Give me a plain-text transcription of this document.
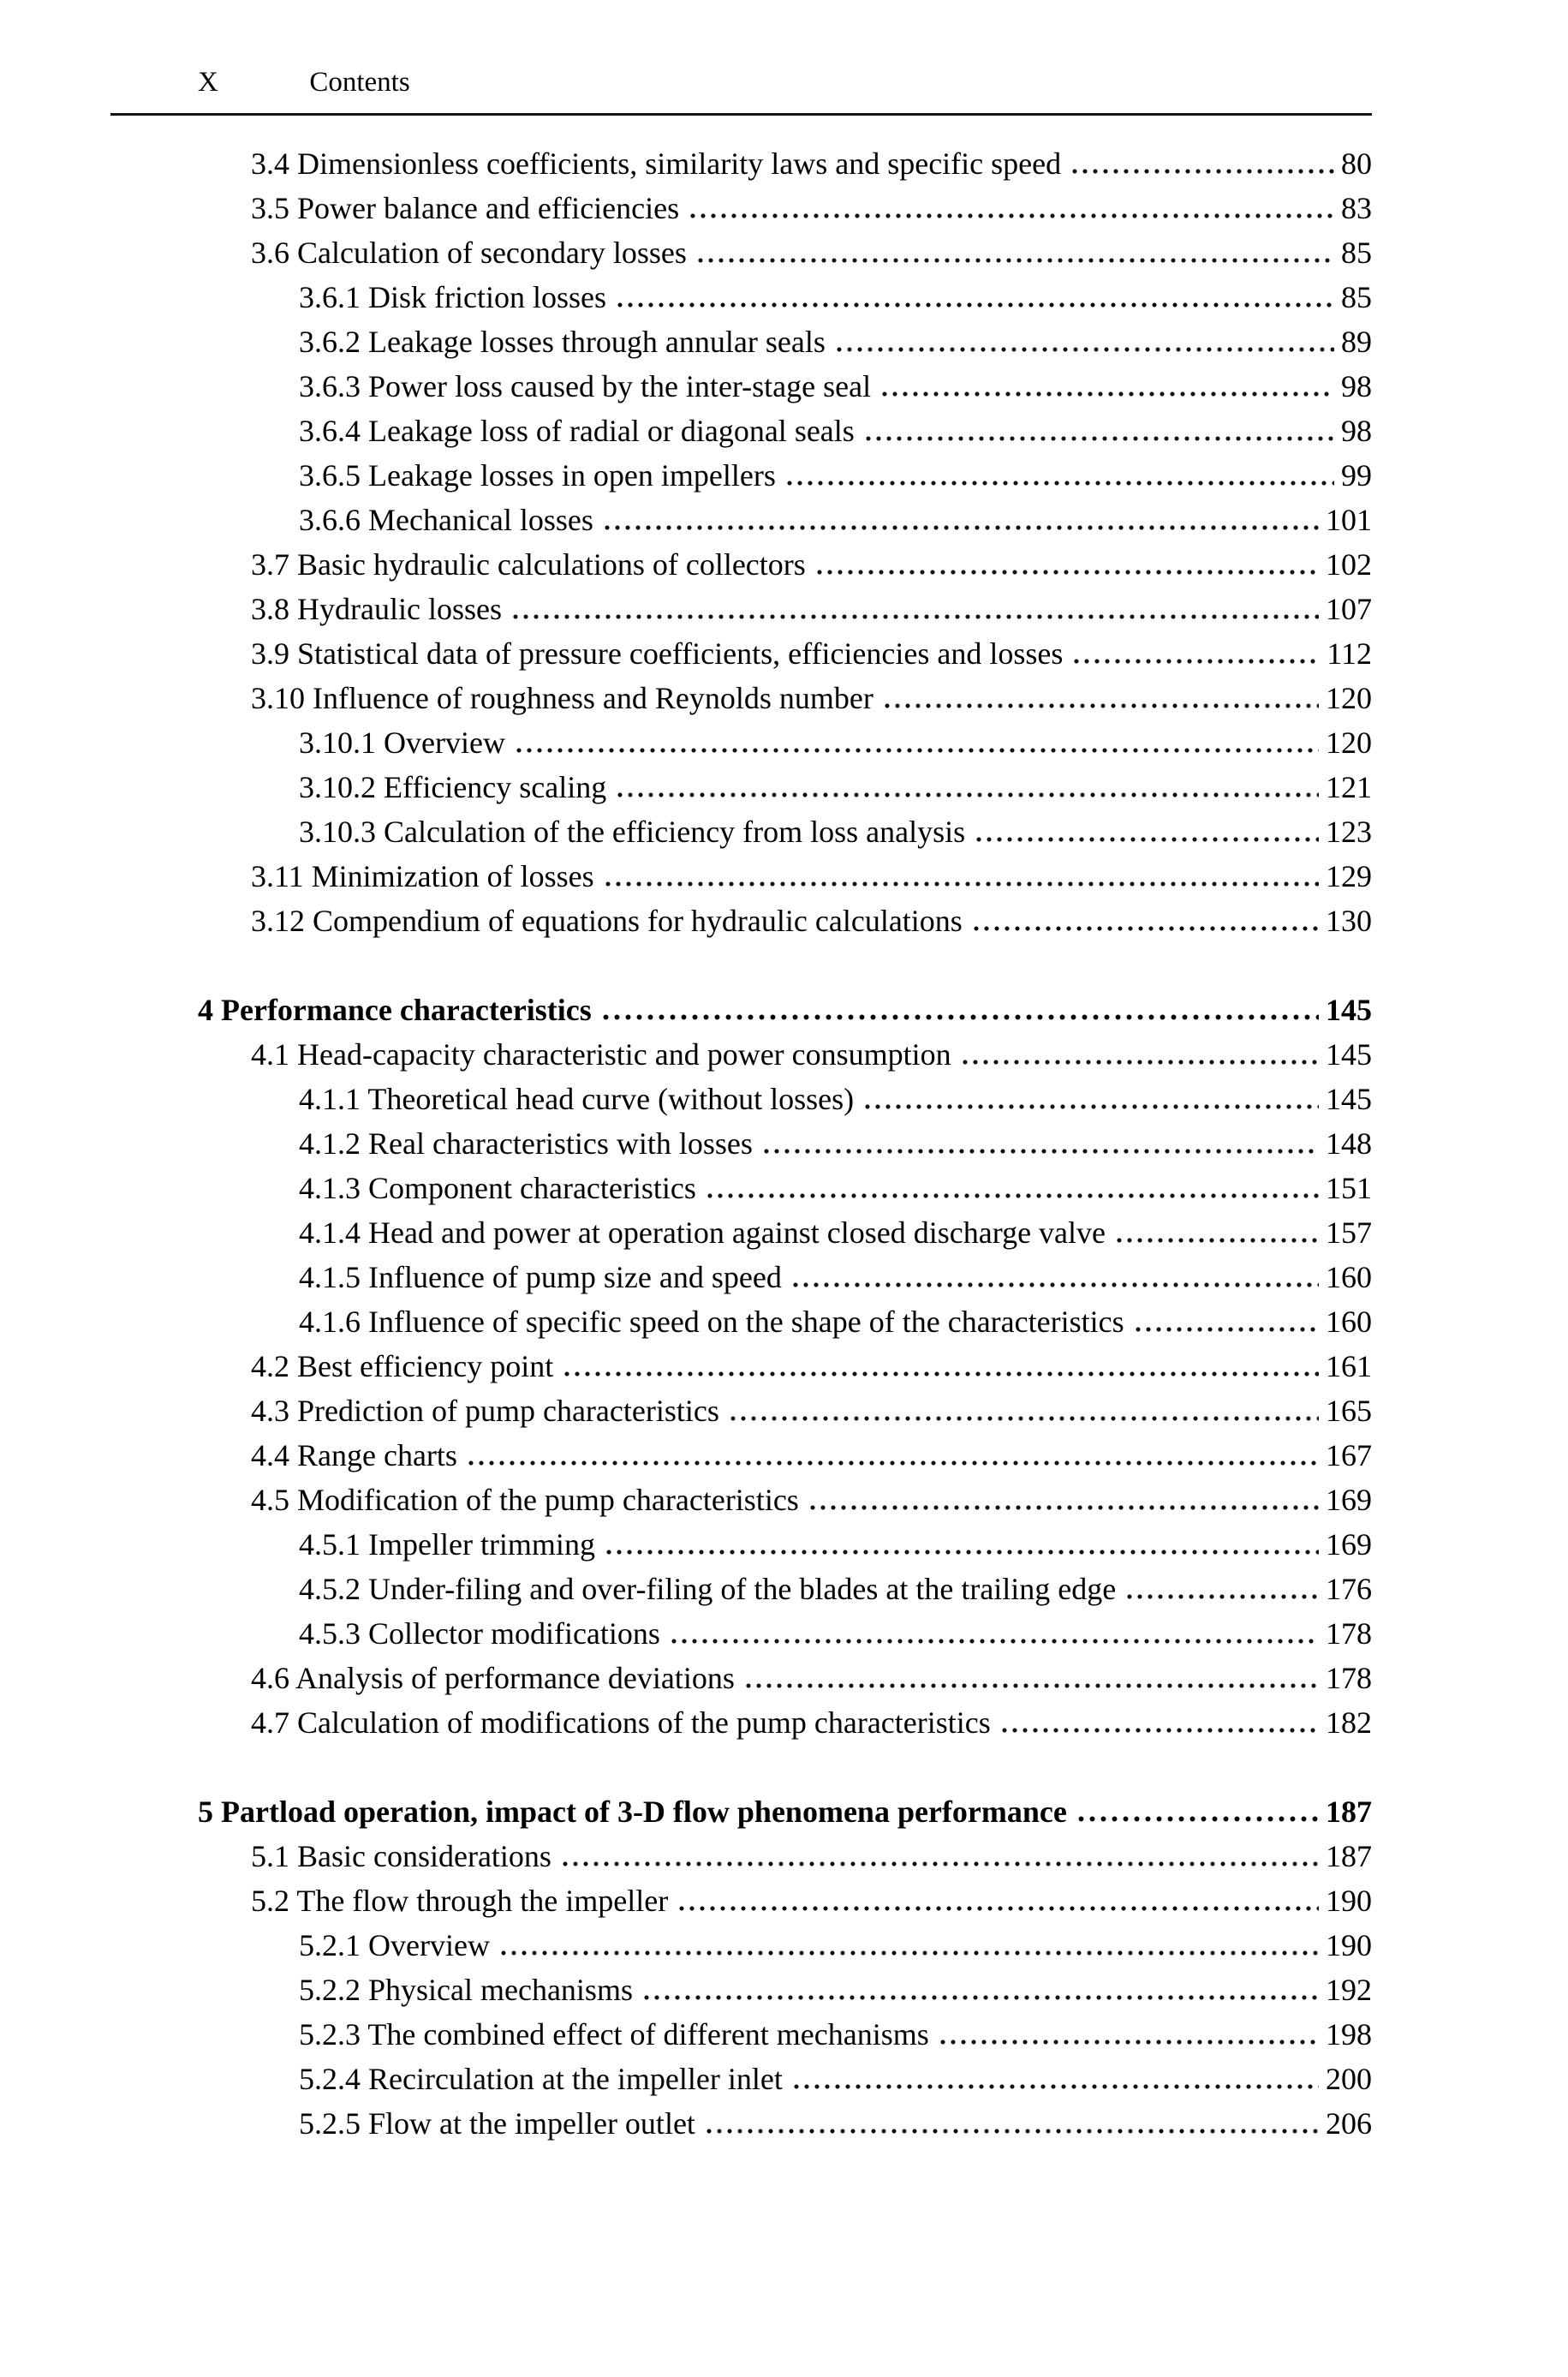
X	Contents
3.4 Dimensionless coefficients, similarity laws and specific speed	80
3.5 Power balance and efficiencies	83
3.6 Calculation of secondary losses	85
3.6.1 Disk friction losses	85
3.6.2 Leakage losses through annular seals	89
3.6.3 Power loss caused by the inter-stage seal	98
3.6.4 Leakage loss of radial or diagonal seals	98
3.6.5 Leakage losses in open impellers	99
3.6.6 Mechanical losses	101
3.7 Basic hydraulic calculations of collectors	102
3.8 Hydraulic losses	107
3.9 Statistical data of pressure coefficients, efficiencies and losses	112
3.10 Influence of roughness and Reynolds number	120
3.10.1 Overview	120
3.10.2 Efficiency scaling	121
3.10.3 Calculation of the efficiency from loss analysis	123
3.11 Minimization of losses	129
3.12 Compendium of equations for hydraulic calculations	130
4 Performance characteristics	145
4.1 Head-capacity characteristic and power consumption	145
4.1.1 Theoretical head curve (without losses)	145
4.1.2 Real characteristics with losses	148
4.1.3 Component characteristics	151
4.1.4 Head and power at operation against closed discharge valve	157
4.1.5 Influence of pump size and speed	160
4.1.6 Influence of specific speed on the shape of the characteristics	160
4.2 Best efficiency point	161
4.3 Prediction of pump characteristics	165
4.4 Range charts	167
4.5 Modification of the pump characteristics	169
4.5.1 Impeller trimming	169
4.5.2 Under-filing and over-filing of the blades at the trailing edge	176
4.5.3 Collector modifications	178
4.6 Analysis of performance deviations	178
4.7 Calculation of modifications of the pump characteristics	182
5 Partload operation, impact of 3-D flow phenomena performance	187
5.1 Basic considerations	187
5.2 The flow through the impeller	190
5.2.1 Overview	190
5.2.2 Physical mechanisms	192
5.2.3 The combined effect of different mechanisms	198
5.2.4 Recirculation at the impeller inlet	200
5.2.5 Flow at the impeller outlet	206
